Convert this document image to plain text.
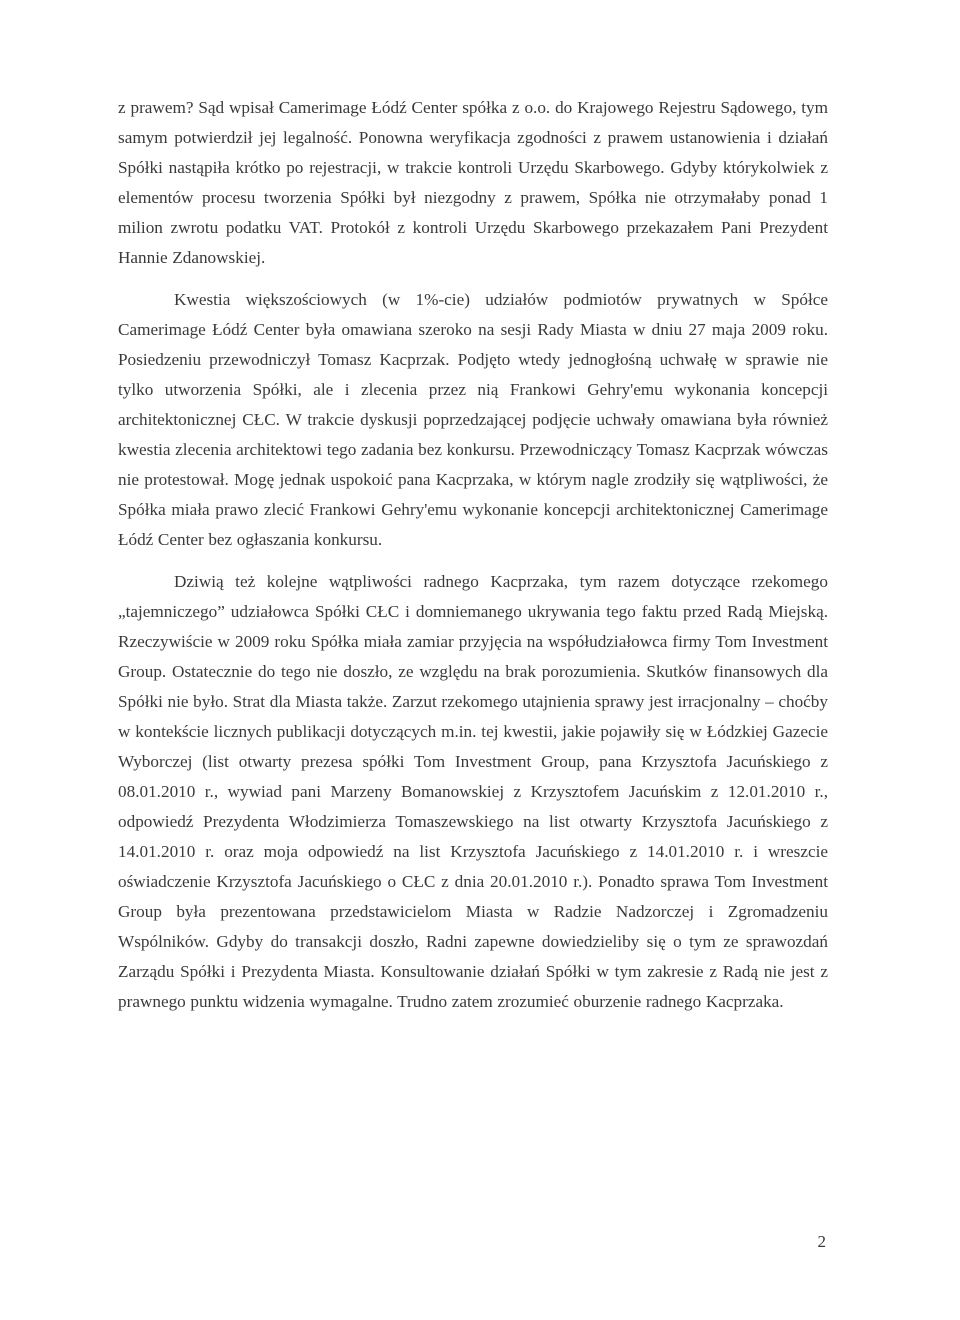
z prawem? Sąd wpisał Camerimage Łódź Center spółka z o.o. do Krajowego Rejestru Sądowego, tym samym potwierdził jej legalność. Ponowna weryfikacja zgodności z prawem ustanowienia i działań Spółki nastąpiła krótko po rejestracji, w trakcie kontroli Urzędu Skarbowego. Gdyby którykolwiek z elementów procesu tworzenia Spółki był niezgodny z prawem, Spółka nie otrzymałaby ponad 1 milion zwrotu podatku VAT. Protokół z kontroli Urzędu Skarbowego przekazałem Pani Prezydent Hannie Zdanowskiej.

Kwestia większościowych (w 1%-cie) udziałów podmiotów prywatnych w Spółce Camerimage Łódź Center była omawiana szeroko na sesji Rady Miasta w dniu 27 maja 2009 roku. Posiedzeniu przewodniczył Tomasz Kacprzak. Podjęto wtedy jednogłośną uchwałę w sprawie nie tylko utworzenia Spółki, ale i zlecenia przez nią Frankowi Gehry'emu wykonania koncepcji architektonicznej CŁC. W trakcie dyskusji poprzedzającej podjęcie uchwały omawiana była również kwestia zlecenia architektowi tego zadania bez konkursu. Przewodniczący Tomasz Kacprzak wówczas nie protestował. Mogę jednak uspokoić pana Kacprzaka, w którym nagle zrodziły się wątpliwości, że Spółka miała prawo zlecić Frankowi Gehry'emu wykonanie koncepcji architektonicznej Camerimage Łódź Center bez ogłaszania konkursu.

Dziwią też kolejne wątpliwości radnego Kacprzaka, tym razem dotyczące rzekomego „tajemniczego” udziałowca Spółki CŁC i domniemanego ukrywania tego faktu przed Radą Miejską. Rzeczywiście w 2009 roku Spółka miała zamiar przyjęcia na współudziałowca firmy Tom Investment Group. Ostatecznie do tego nie doszło, ze względu na brak porozumienia. Skutków finansowych dla Spółki nie było. Strat dla Miasta także. Zarzut rzekomego utajnienia sprawy jest irracjonalny – choćby w kontekście licznych publikacji dotyczących m.in. tej kwestii, jakie pojawiły się w Łódzkiej Gazecie Wyborczej (list otwarty prezesa spółki Tom Investment Group, pana Krzysztofa Jacuńskiego z 08.01.2010 r., wywiad pani Marzeny Bomanowskiej z Krzysztofem Jacuńskim z 12.01.2010 r., odpowiedź Prezydenta Włodzimierza Tomaszewskiego na list otwarty Krzysztofa Jacuńskiego z 14.01.2010 r. oraz moja odpowiedź na list Krzysztofa Jacuńskiego z 14.01.2010 r. i wreszcie oświadczenie Krzysztofa Jacuńskiego o CŁC z dnia 20.01.2010 r.). Ponadto sprawa Tom Investment Group była prezentowana przedstawicielom Miasta w Radzie Nadzorczej i Zgromadzeniu Wspólników. Gdyby do transakcji doszło, Radni zapewne dowiedzieliby się o tym ze sprawozdań Zarządu Spółki i Prezydenta Miasta. Konsultowanie działań Spółki w tym zakresie z Radą nie jest z prawnego punktu widzenia wymagalne. Trudno zatem zrozumieć oburzenie radnego Kacprzaka.

2
